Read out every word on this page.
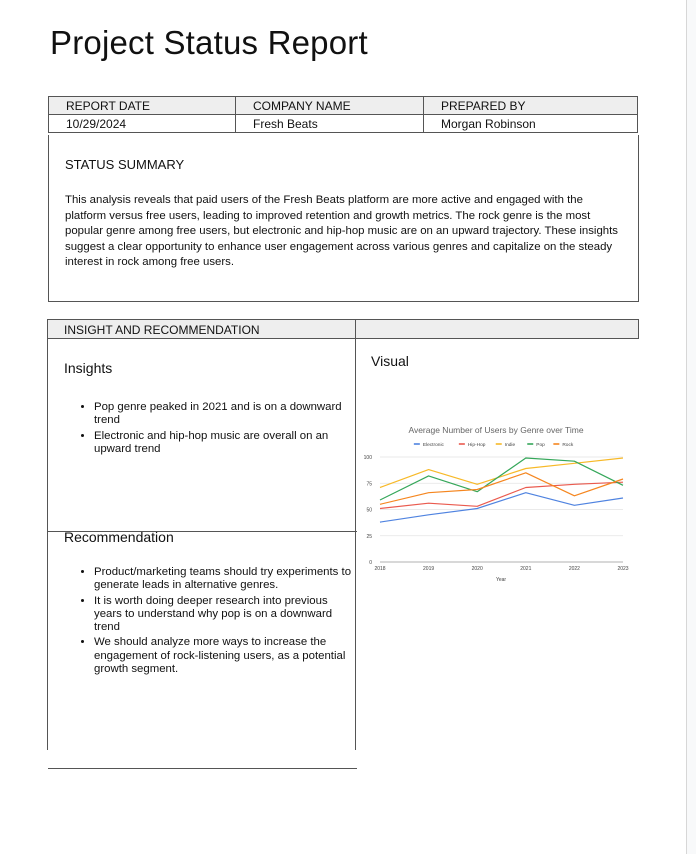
Project Status Report
REPORT DATE	COMPANY NAME	PREPARED BY
10/29/2024	Fresh Beats	Morgan Robinson
STATUS SUMMARY
This analysis reveals that paid users of the Fresh Beats platform are more active and engaged with the platform versus free users, leading to improved retention and growth metrics. The rock genre is the most popular genre among free users, but electronic and hip-hop music are on an upward trajectory. These insights suggest a clear opportunity to enhance user engagement across various genres and capitalize on the steady interest in rock among free users.
INSIGHT AND RECOMMENDATION
Insights
• Pop genre peaked in 2021 and is on a downward trend
• Electronic and hip-hop music are overall on an upward trend
Recommendation
• Product/marketing teams should try experiments to generate leads in alternative genres.
• It is worth doing deeper research into previous years to understand why pop is on a downward trend
• We should analyze more ways to increase the engagement of rock-listening users, as a potential growth segment.
Visual
Average Number of Users by Genre over Time
Electronic	Hip-Hop	Indie	Pop	Rock
0
25
50
75
100
2018	2019	2020	2021	2022	2023
Year
